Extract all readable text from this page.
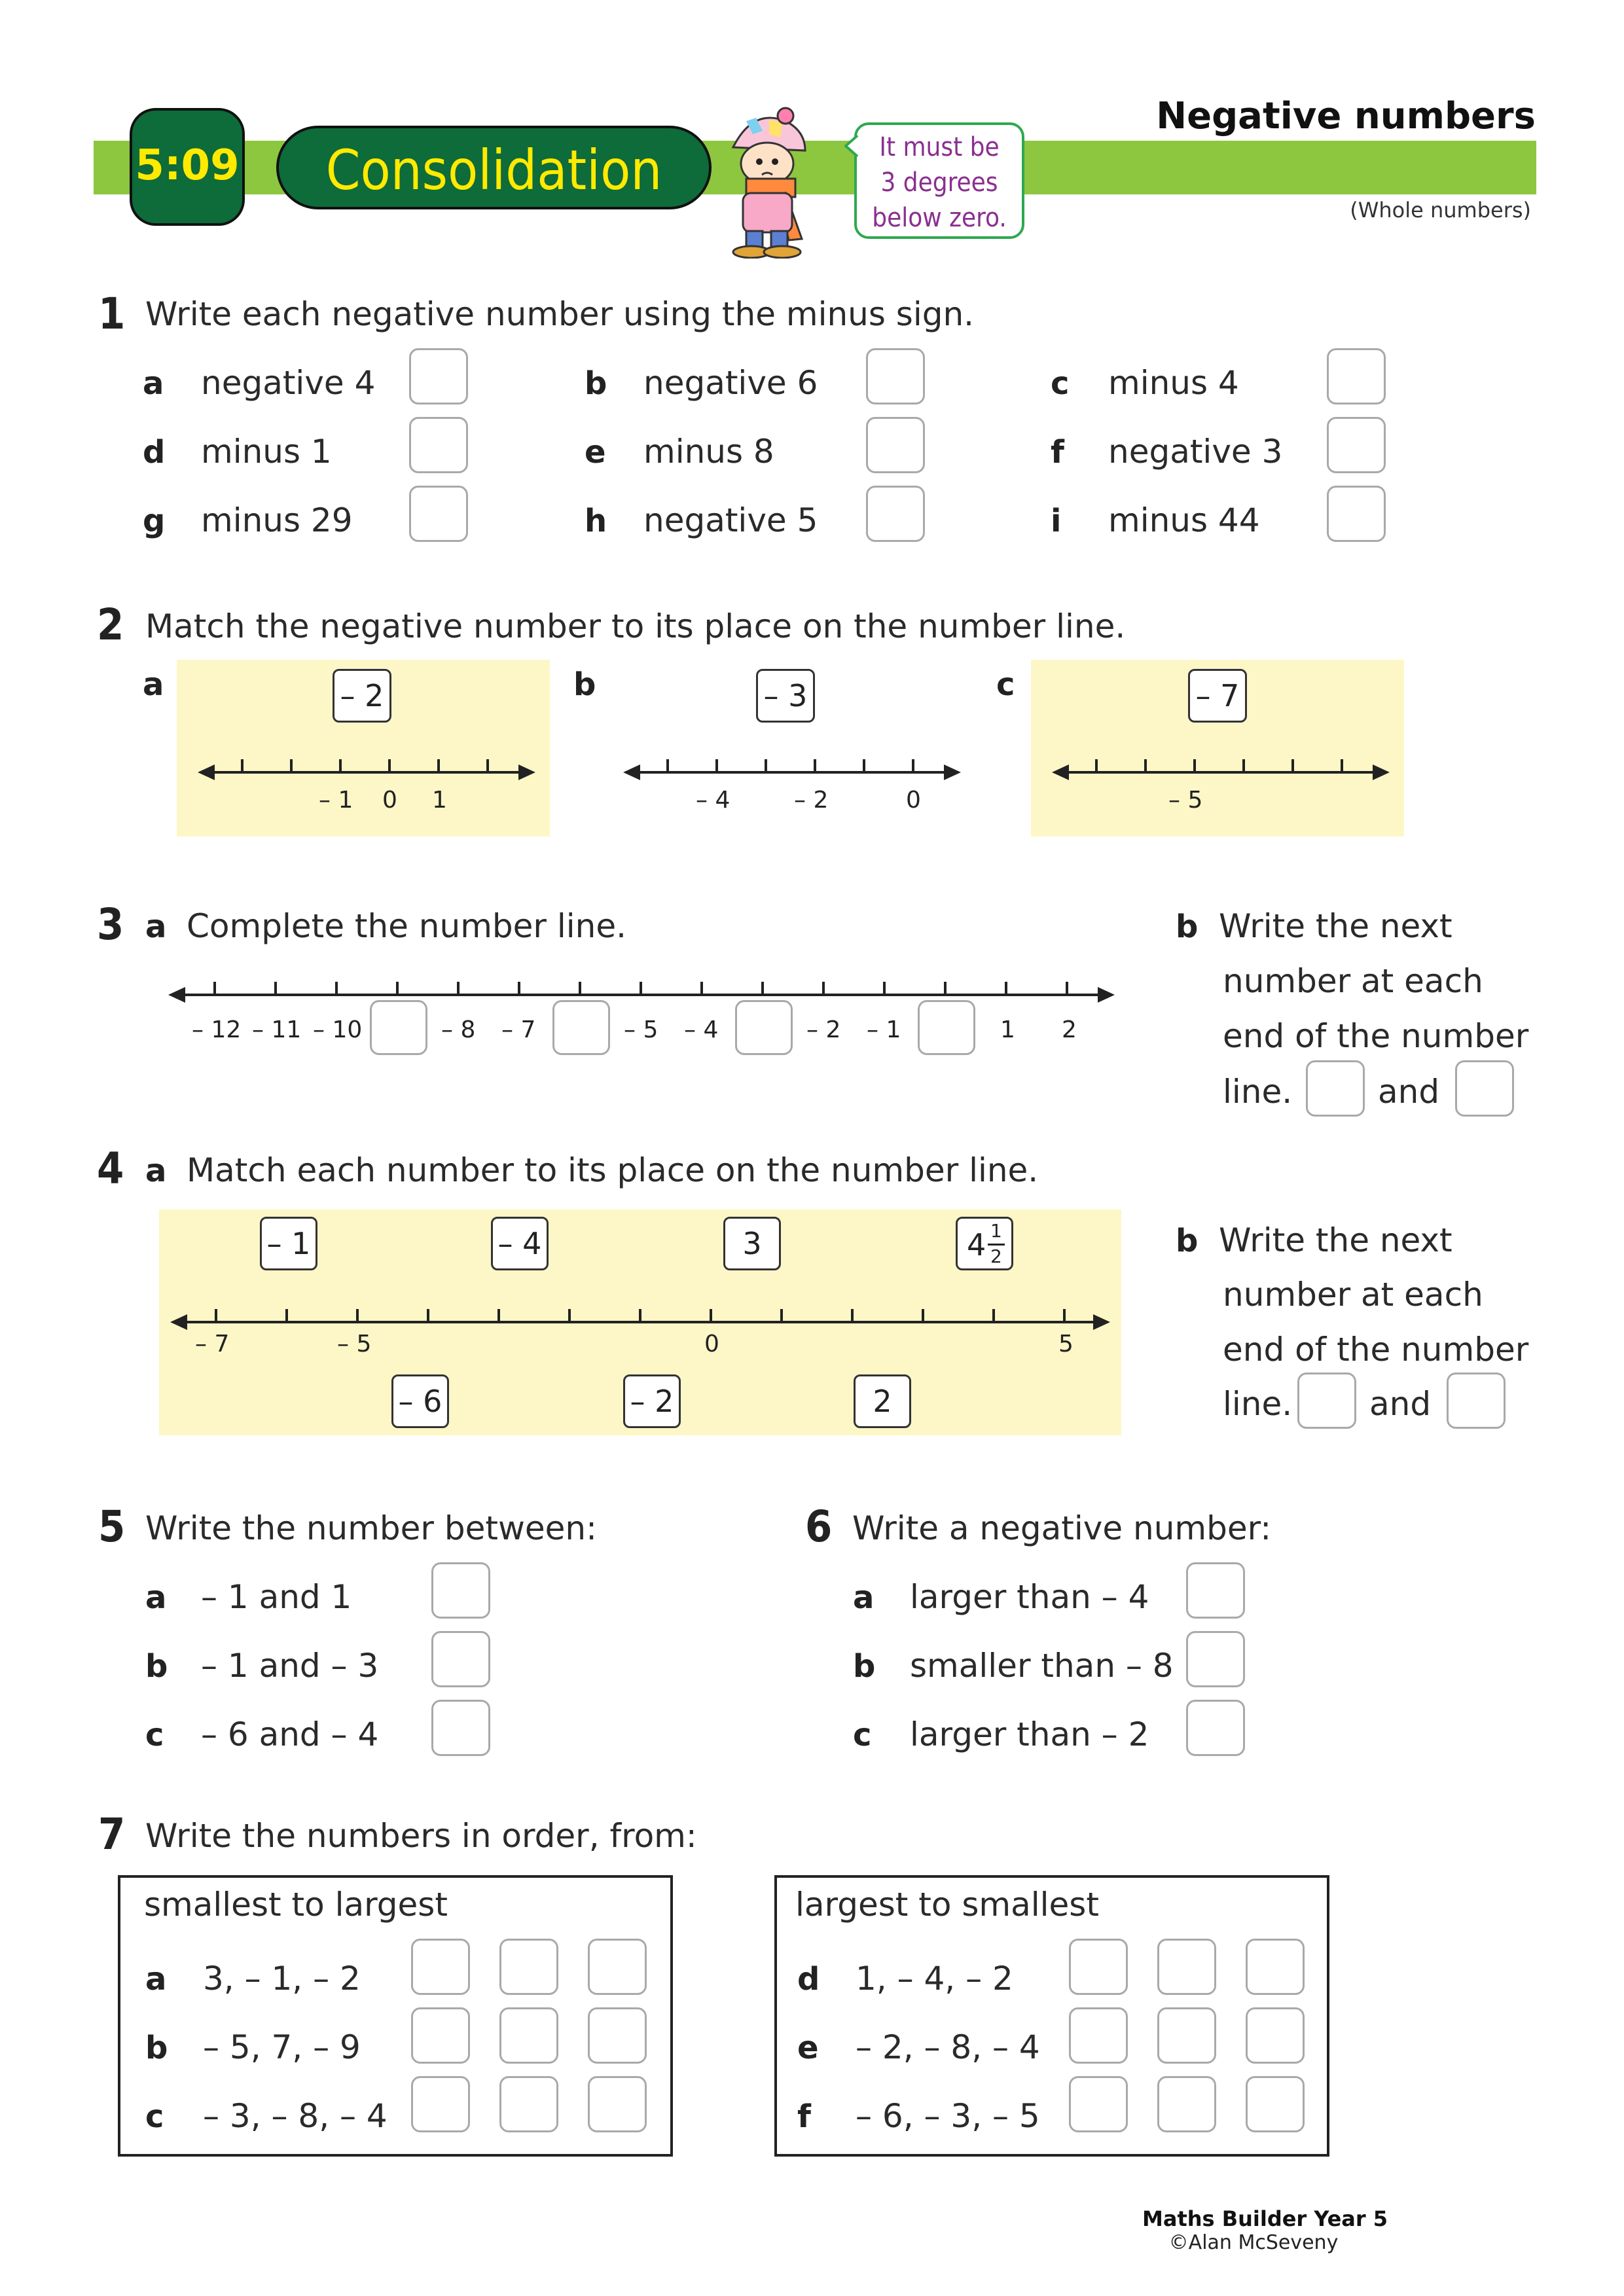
5:09	Consolidation	It must be
3 degrees
below zero.
Negative numbers
(Whole numbers)
1 Write each negative number using the minus sign.
a negative 4	b negative 6	c minus 4
d minus 1	e minus 8	f negative 3
g minus 29	h negative 5	i minus 44
2 Match the negative number to its place on the number line.
a	– 2
– 1 0 1
b	– 3
– 4	– 2	0
c	– 7
– 5
3 a Complete the number line.
– 12 – 11 – 10	– 8 – 7	– 5 – 4	– 2 – 1	1 2
b Write the next
number at each
end of the number
line.	and
4 a Match each number to its place on the number line.
– 1	– 4	3	4 1
2
– 7	– 5	0	5
– 6	– 2	2
b Write the next
number at each
end of the number
line. and
5 Write the number between:
a – 1 and 1
b – 1 and – 3
c – 6 and – 4
6 Write a negative number:
a larger than – 4
b smaller than – 8
c larger than – 2
7 Write the numbers in order, from:
smallest to largest
a 3, – 1, – 2
b – 5, 7, – 9
c – 3, – 8, – 4
largest to smallest
d 1, – 4, – 2
e – 2, – 8, – 4
f – 6, – 3, – 5
Maths Builder Year 5
©Alan McSeveny
